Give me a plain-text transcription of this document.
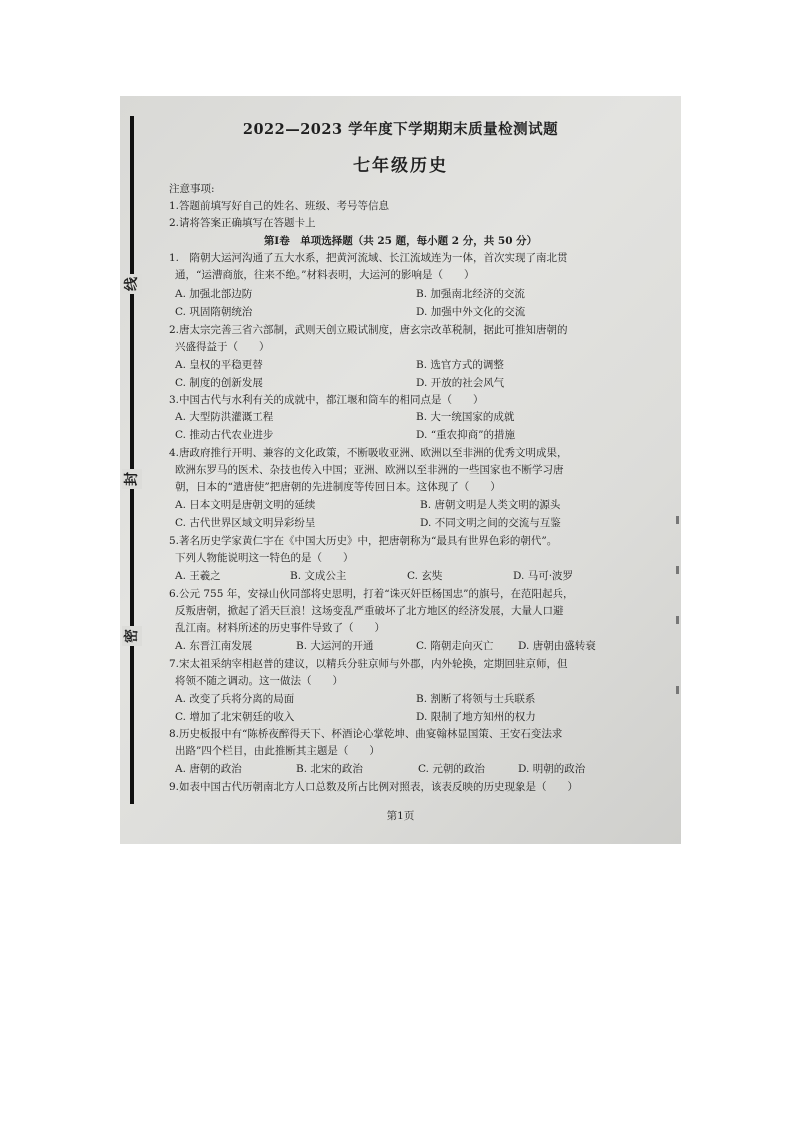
线
封
密
2022—2023 学年度下学期期末质量检测试题
七年级历史
注意事项:
1.答题前填写好自己的姓名、班级、考号等信息
2.请将答案正确填写在答题卡上
第Ⅰ卷　单项选择题（共 25 题，每小题 2 分，共 50 分）
1.　隋朝大运河沟通了五大水系，把黄河流域、长江流域连为一体，首次实现了南北贯
通，“运漕商旅，往来不绝。”材料表明，大运河的影响是（　　）
A. 加强北部边防	B. 加强南北经济的交流
C. 巩固隋朝统治	D. 加强中外文化的交流
2.唐太宗完善三省六部制，武则天创立殿试制度，唐玄宗改革税制，据此可推知唐朝的
兴盛得益于（　　）
A. 皇权的平稳更替	B. 选官方式的调整
C. 制度的创新发展	D. 开放的社会风气
3.中国古代与水利有关的成就中，都江堰和筒车的相同点是（　　）
A. 大型防洪灌溉工程	B. 大一统国家的成就
C. 推动古代农业进步	D. “重农抑商”的措施
4.唐政府推行开明、兼容的文化政策，不断吸收亚洲、欧洲以至非洲的优秀文明成果，
欧洲东罗马的医术、杂技也传入中国；亚洲、欧洲以至非洲的一些国家也不断学习唐
朝，日本的“遣唐使”把唐朝的先进制度等传回日本。这体现了（　　）
A. 日本文明是唐朝文明的延续	B. 唐朝文明是人类文明的源头
C. 古代世界区域文明异彩纷呈	D. 不同文明之间的交流与互鉴
5.著名历史学家黄仁宇在《中国大历史》中，把唐朝称为“最具有世界色彩的朝代”。
下列人物能说明这一特色的是（　　）
A. 王羲之	B. 文成公主	C. 玄奘	D. 马可·波罗
6.公元 755 年，安禄山伙同部将史思明，打着“诛灭奸臣杨国忠”的旗号，在范阳起兵，
反叛唐朝，掀起了滔天巨浪！这场变乱严重破坏了北方地区的经济发展，大量人口避
乱江南。材料所述的历史事件导致了（　　）
A. 东晋江南发展	B. 大运河的开通	C. 隋朝走向灭亡 D. 唐朝由盛转衰
7.宋太祖采纳宰相赵普的建议，以精兵分驻京师与外郡，内外轮换，定期回驻京师，但
将领不随之调动。这一做法（　　）
A. 改变了兵将分离的局面	B. 割断了将领与士兵联系
C. 增加了北宋朝廷的收入	D. 限制了地方知州的权力
8.历史板报中有“陈桥夜醉得天下、杯酒论心掌乾坤、曲宴翰林显国策、王安石变法求
出路”四个栏目，由此推断其主题是（　　）
A. 唐朝的政治	B. 北宋的政治	C. 元朝的政治	D. 明朝的政治
9.如表中国古代历朝南北方人口总数及所占比例对照表，该表反映的历史现象是（　　）
第1页
